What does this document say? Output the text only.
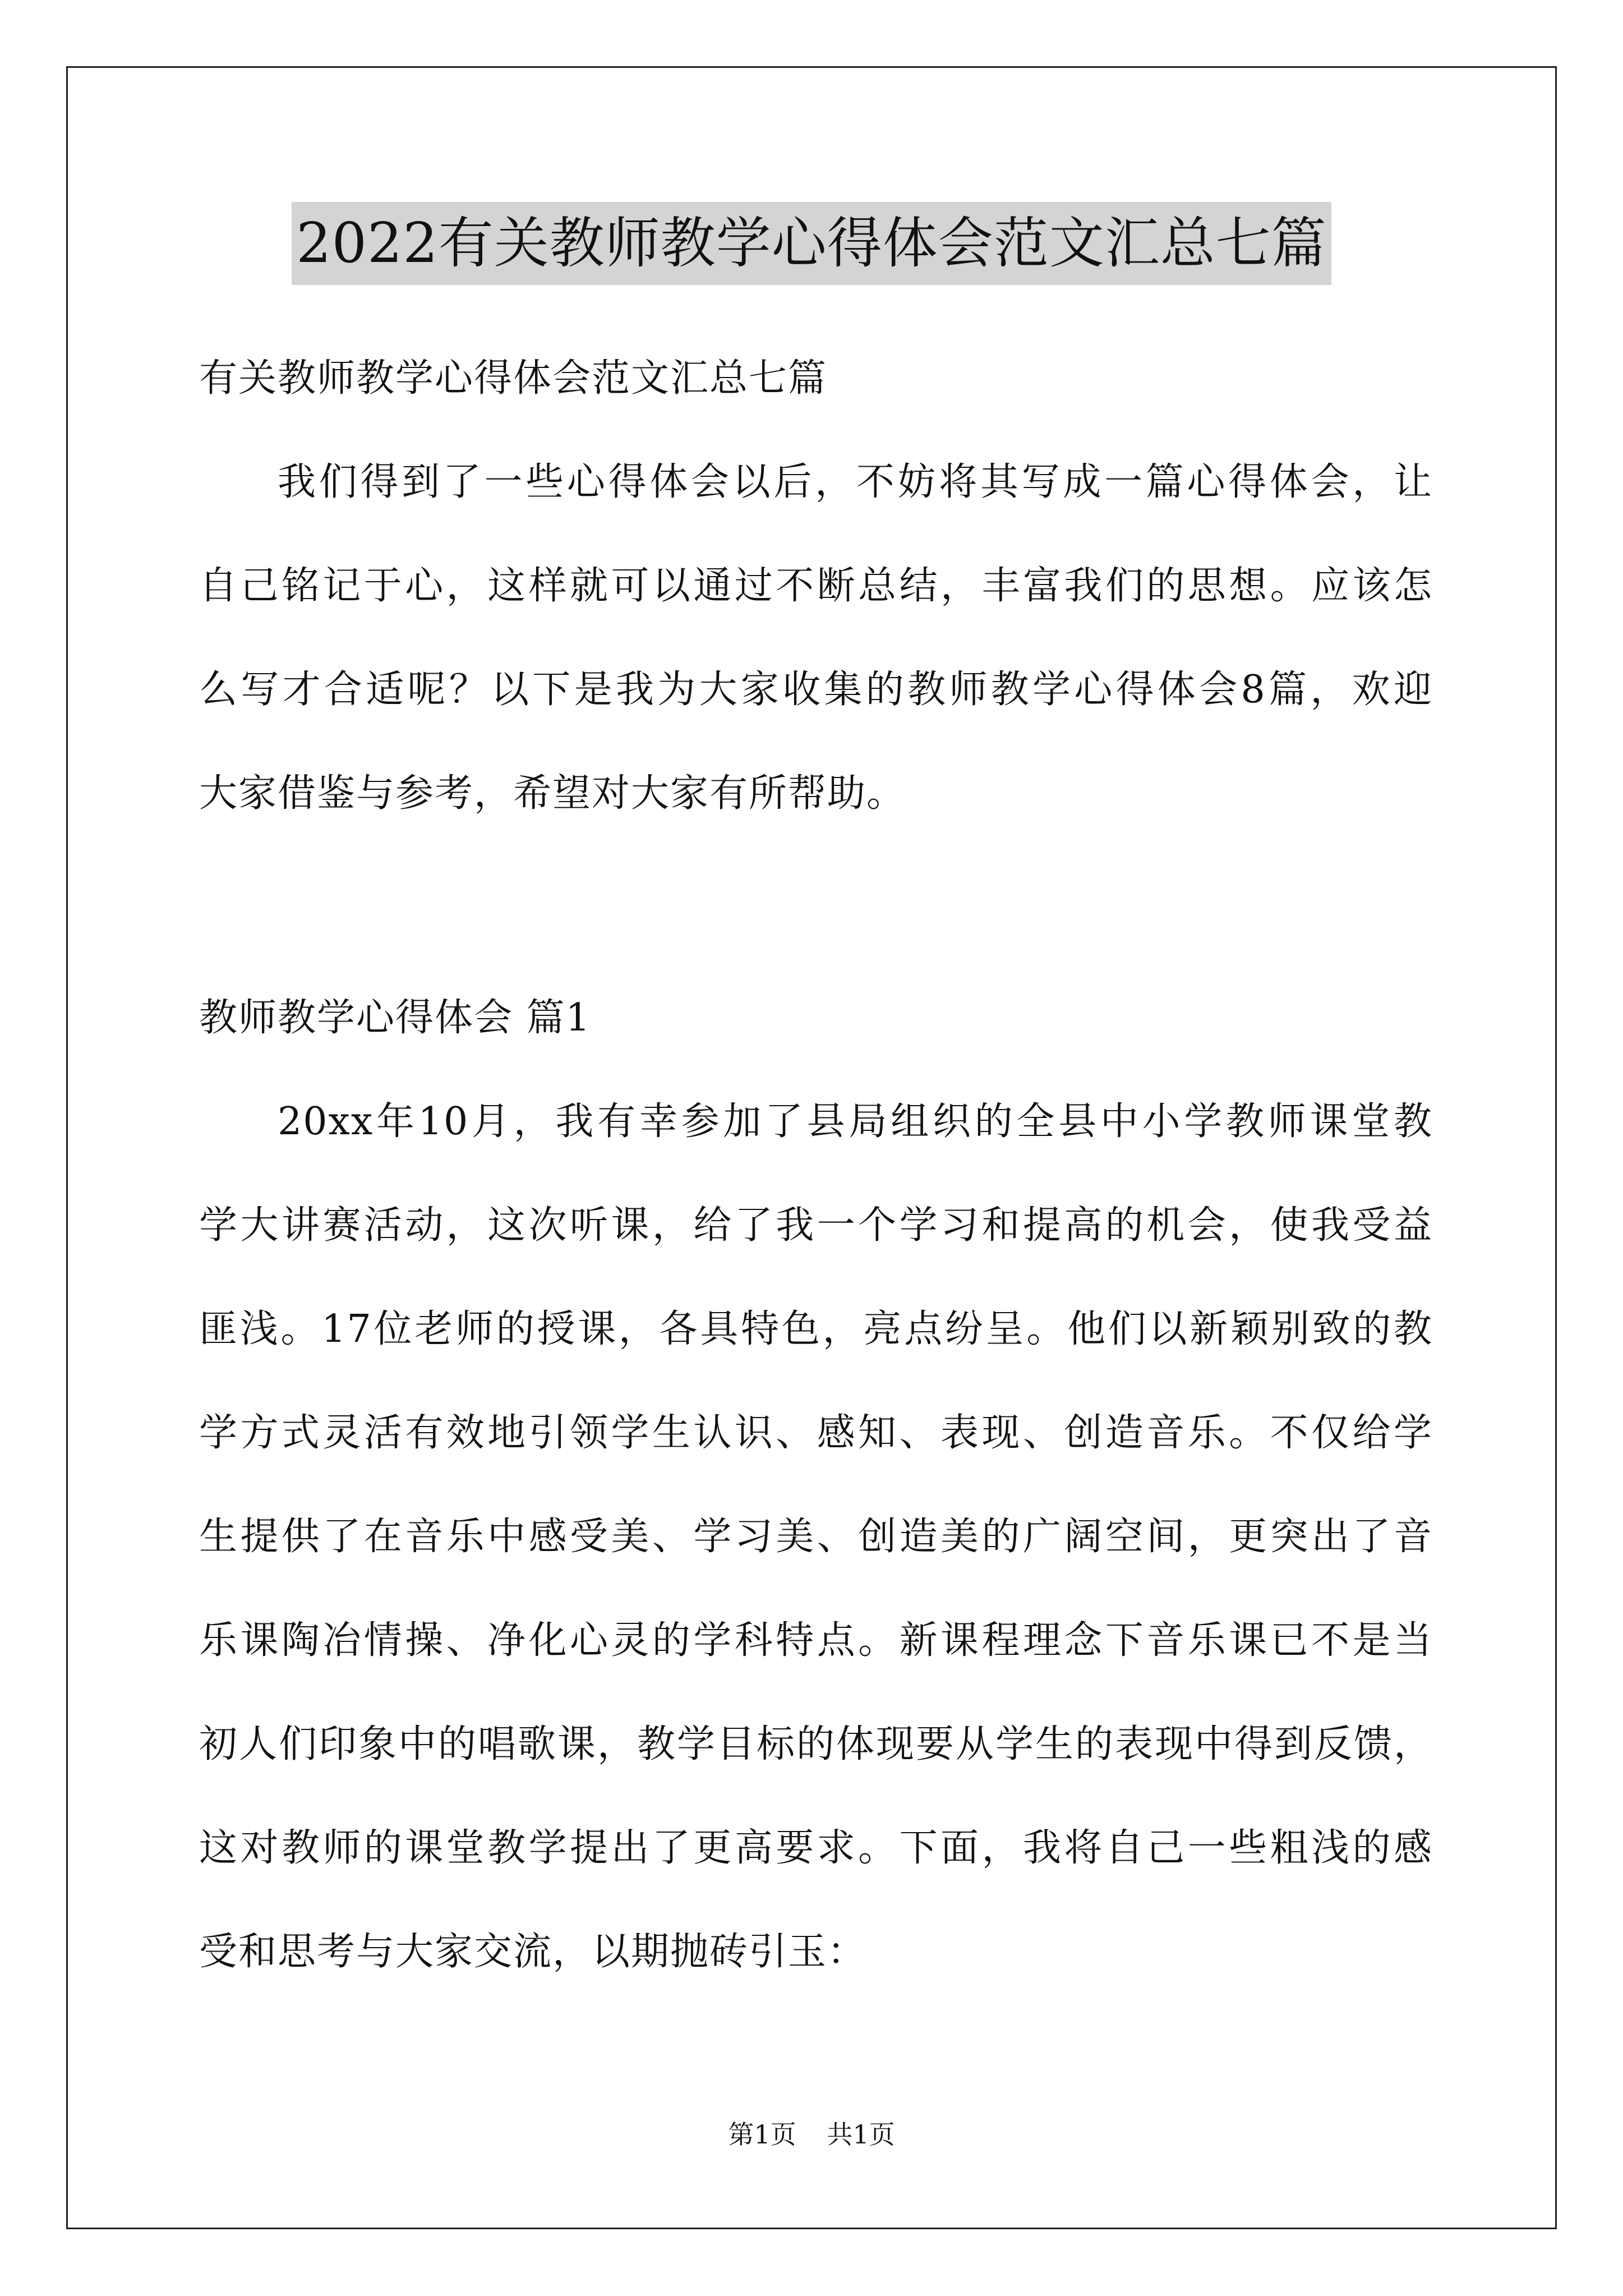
2022有关教师教学心得体会范文汇总七篇
有关教师教学心得体会范文汇总七篇
我们得到了一些心得体会以后，不妨将其写成一篇心得体会，让
自己铭记于心，这样就可以通过不断总结，丰富我们的思想。应该怎
么写才合适呢？以下是我为大家收集的教师教学心得体会8篇，欢迎
大家借鉴与参考，希望对大家有所帮助。
教师教学心得体会 篇1
20xx年10月，我有幸参加了县局组织的全县中小学教师课堂教
学大讲赛活动，这次听课，给了我一个学习和提高的机会，使我受益
匪浅。17位老师的授课，各具特色，亮点纷呈。他们以新颖别致的教
学方式灵活有效地引领学生认识、感知、表现、创造音乐。不仅给学
生提供了在音乐中感受美、学习美、创造美的广阔空间，更突出了音
乐课陶冶情操、净化心灵的学科特点。新课程理念下音乐课已不是当
初人们印象中的唱歌课，教学目标的体现要从学生的表现中得到反馈，
这对教师的课堂教学提出了更高要求。下面，我将自己一些粗浅的感
受和思考与大家交流，以期抛砖引玉：
第1页 共1页
